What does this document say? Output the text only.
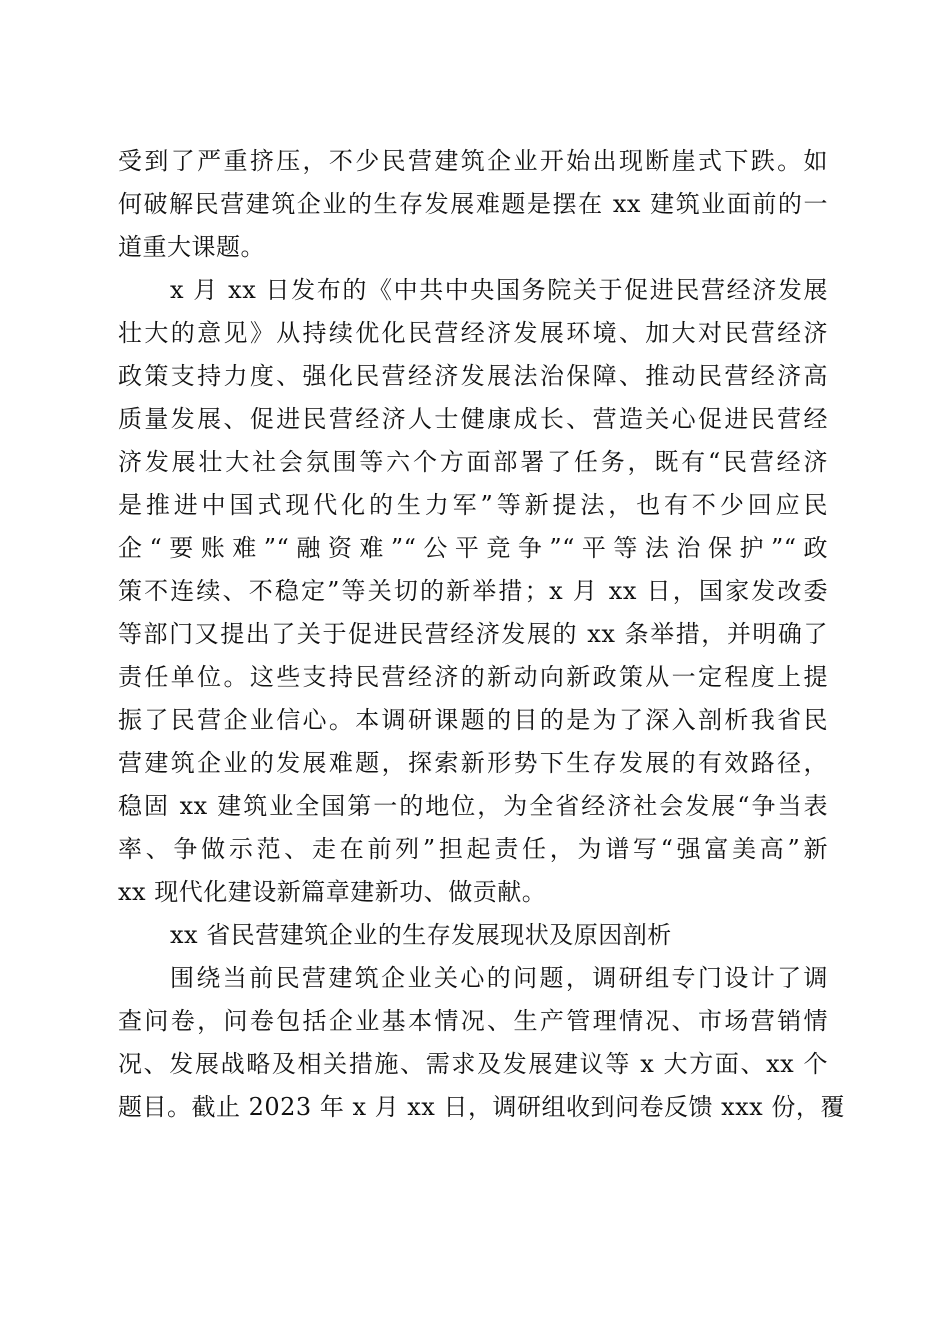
受到了严重挤压，不少民营建筑企业开始出现断崖式下跌。如
何破解民营建筑企业的生存发展难题是摆在 xx 建筑业面前的一
道重大课题。
x 月 xx 日发布的《中共中央国务院关于促进民营经济发展
壮大的意见》从持续优化民营经济发展环境、加大对民营经济
政策支持力度、强化民营经济发展法治保障、推动民营经济高
质量发展、促进民营经济人士健康成长、营造关心促进民营经
济发展壮大社会氛围等六个方面部署了任务，既有“民营经济
是推进中国式现代化的生力军”等新提法，也有不少回应民
企“要账难”“融资难”“公平竞争”“平等法治保护”“政
策不连续、不稳定”等关切的新举措；x 月 xx 日，国家发改委
等部门又提出了关于促进民营经济发展的 xx 条举措，并明确了
责任单位。这些支持民营经济的新动向新政策从一定程度上提
振了民营企业信心。本调研课题的目的是为了深入剖析我省民
营建筑企业的发展难题，探索新形势下生存发展的有效路径，
稳固 xx 建筑业全国第一的地位，为全省经济社会发展“争当表
率、争做示范、走在前列”担起责任，为谱写“强富美高”新
xx 现代化建设新篇章建新功、做贡献。
xx 省民营建筑企业的生存发展现状及原因剖析
围绕当前民营建筑企业关心的问题，调研组专门设计了调
查问卷，问卷包括企业基本情况、生产管理情况、市场营销情
况、发展战略及相关措施、需求及发展建议等 x 大方面、xx 个
题目。截止 2023 年 x 月 xx 日，调研组收到问卷反馈 xxx 份，覆
